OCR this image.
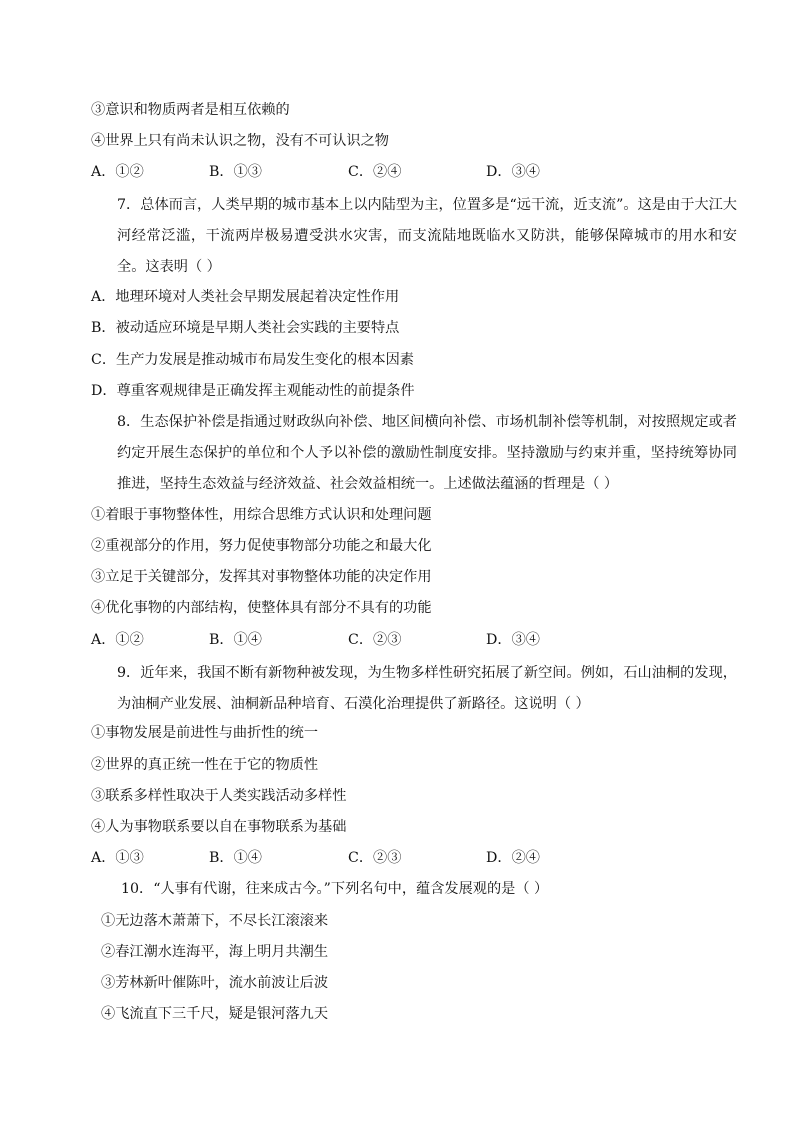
③意识和物质两者是相互依赖的
④世界上只有尚未认识之物，没有不可认识之物
A．①②	B．①③	C．②④	D．③④
7．总体而言，人类早期的城市基本上以内陆型为主，位置多是“远干流，近支流”。这是由于大江大河经常泛滥，干流两岸极易遭受洪水灾害，而支流陆地既临水又防洪，能够保障城市的用水和安全。这表明（ ）
A．地理环境对人类社会早期发展起着决定性作用
B．被动适应环境是早期人类社会实践的主要特点
C．生产力发展是推动城市布局发生变化的根本因素
D．尊重客观规律是正确发挥主观能动性的前提条件
8．生态保护补偿是指通过财政纵向补偿、地区间横向补偿、市场机制补偿等机制，对按照规定或者约定开展生态保护的单位和个人予以补偿的激励性制度安排。坚持激励与约束并重，坚持统筹协同推进，坚持生态效益与经济效益、社会效益相统一。上述做法蕴涵的哲理是（ ）
①着眼于事物整体性，用综合思维方式认识和处理问题
②重视部分的作用，努力促使事物部分功能之和最大化
③立足于关键部分，发挥其对事物整体功能的决定作用
④优化事物的内部结构，使整体具有部分不具有的功能
A．①②	B．①④	C．②③	D．③④
9．近年来，我国不断有新物种被发现，为生物多样性研究拓展了新空间。例如，石山油桐的发现，为油桐产业发展、油桐新品种培育、石漠化治理提供了新路径。这说明（ ）
①事物发展是前进性与曲折性的统一
②世界的真正统一性在于它的物质性
③联系多样性取决于人类实践活动多样性
④人为事物联系要以自在事物联系为基础
A．①③	B．①④	C．②③	D．②④
10．“人事有代谢，往来成古今。”下列名句中，蕴含发展观的是（ ）
①无边落木萧萧下，不尽长江滚滚来
②春江潮水连海平，海上明月共潮生
③芳林新叶催陈叶，流水前波让后波
④飞流直下三千尺，疑是银河落九天
